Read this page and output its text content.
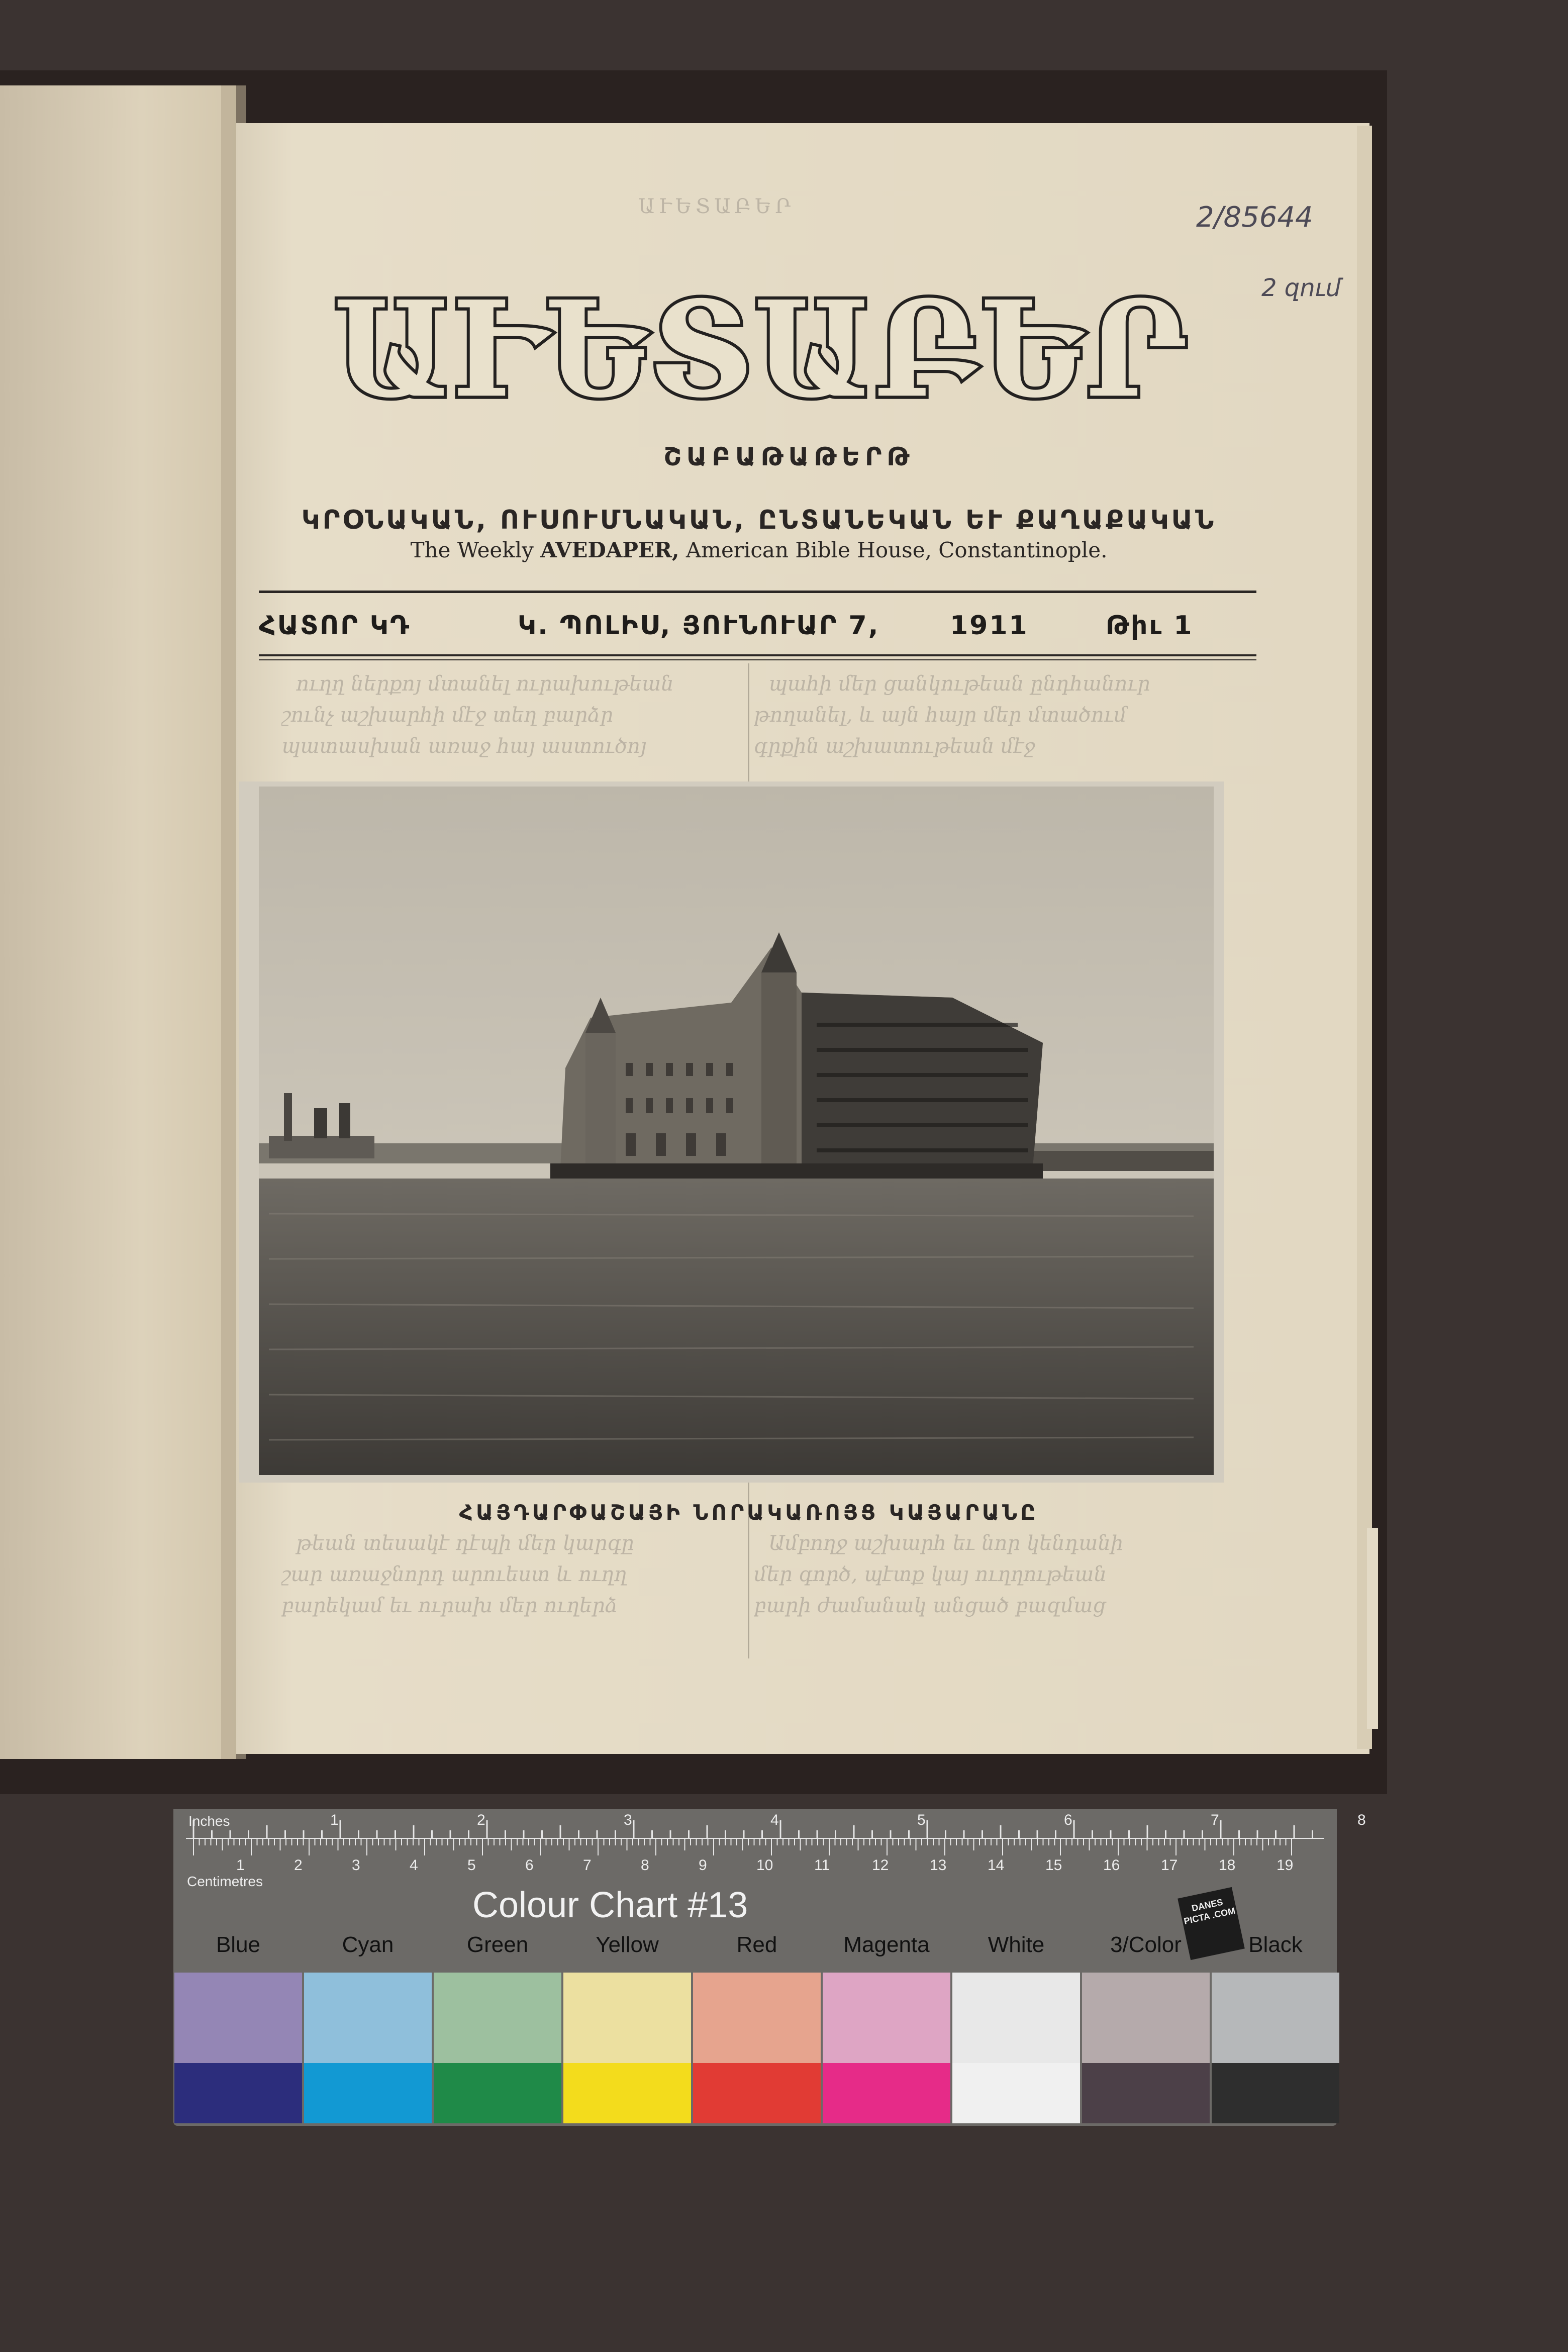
⠀ուղղ ներքոյ մտանել ուրախութեան
շունչ աշխարհի մէջ տեղ բարձր
պատասխան առաջ հայ աստուծոյ
⠀պահի մեր ցանկութեան ընդհանուր
թողանել, և այն հայր մեր մտածում
գրքին աշխատութեան մէջ
⠀թեան տեսակէ դէպի մեր կարգը
շար առաջնորդ արուեստ և ուղղ
բարեկամ եւ ուրախ մեր ուղերձ
⠀Ամբողջ աշխարհ եւ նոր կենդանի
մեր գործ, պէտք կայ ուղղութեան
բարի ժամանակ անցած բազմաց
ԱՒԵՏԱԲԵՐ	2/85644
2 զում
ԱՒԵՏԱԲԵՐ
ՇԱԲԱԹԱԹԵՐԹ
ԿՐՕՆԱԿԱՆ, ՈՒՍՈՒՄՆԱԿԱՆ, ԸՆՏԱՆԵԿԱՆ ԵՒ ՔԱՂԱՔԱԿԱՆ
The Weekly AVEDAPER, American Bible House, Constantinople.
ՀԱՏՈՐ ԿԴ	Կ. ՊՈԼԻՍ, ՅՈՒՆՈՒԱՐ 7,	1911	Թիւ 1
ՀԱՅԴԱՐՓԱՇԱՅԻ ՆՈՐԱԿԱՌՈՅՑ ԿԱՅԱՐԱՆԸ
Inches
Centimetres
1	2	3	4	5	6	7	8
1	2	3	4	5	6	7	8	9	10	11	12	13	14	15	16	17	18	19
Colour Chart #13	DANES PICTA .COM
Blue	Cyan	Green	Yellow	Red	Magenta	White	3/Color	Black
